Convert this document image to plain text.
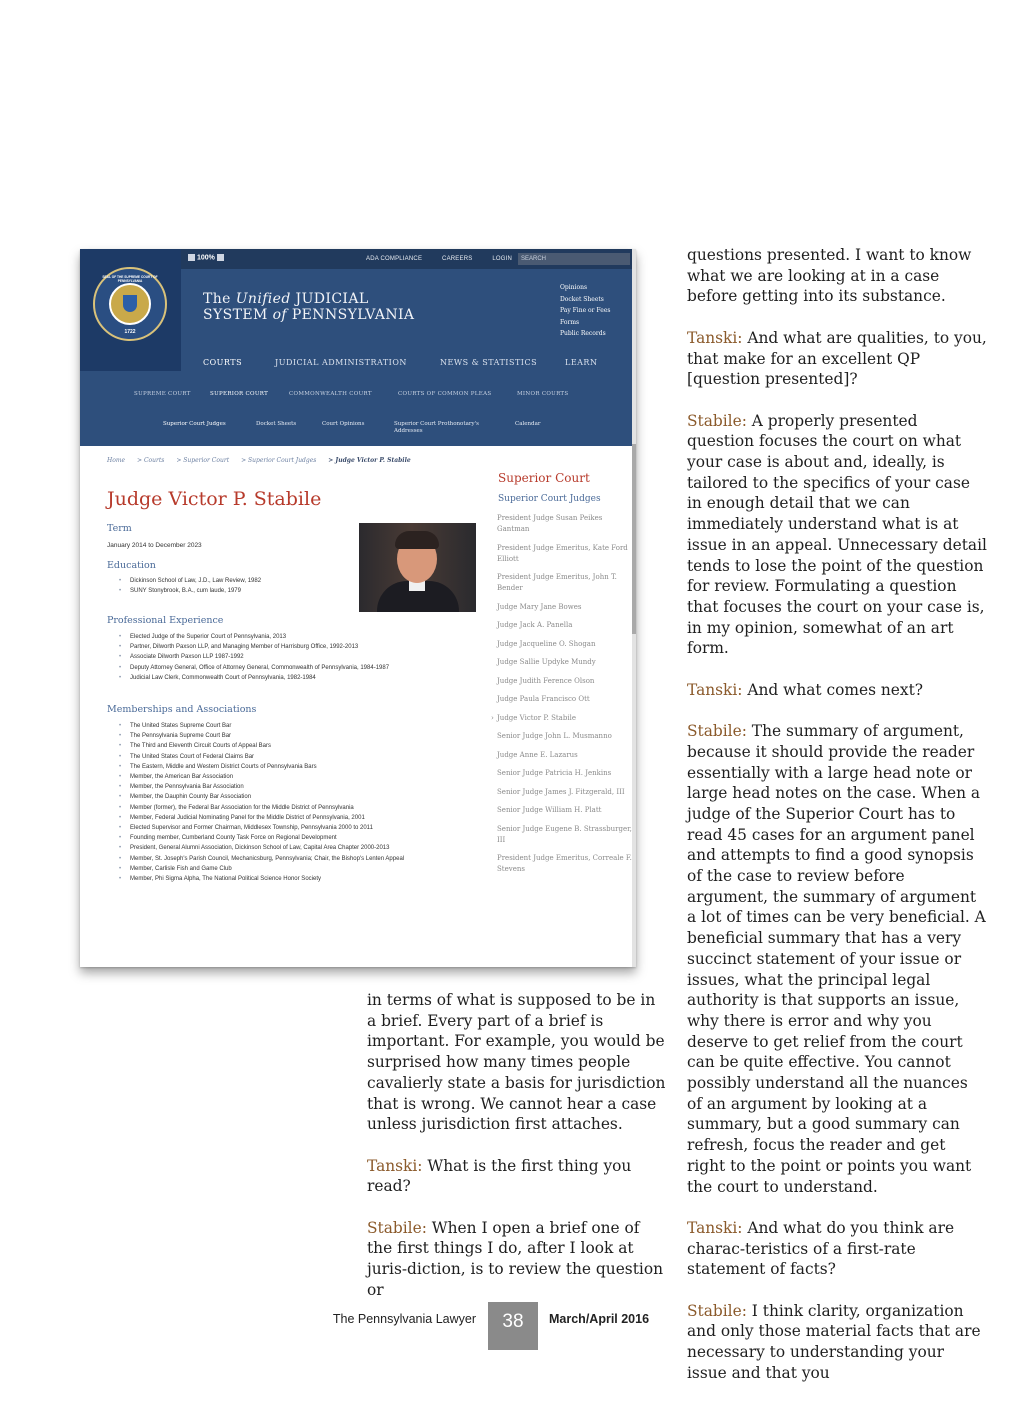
100%	ADA COMPLIANCE	CAREERS	LOGIN	SEARCH
SEAL OF THE SUPREME COURT OF PENNSYLVANIA
1722
The Unified JUDICIAL
SYSTEM of PENNSYLVANIA
Opinions
Docket Sheets
Pay Fine or Fees
Forms
Public Records
COURTS	JUDICIAL ADMINISTRATION	NEWS & STATISTICS	LEARN
SUPREME COURT	SUPERIOR COURT	COMMONWEALTH COURT	COURTS OF COMMON PLEAS	MINOR COURTS
Superior Court Judges	Docket Sheets	Court Opinions	Superior Court Prothonotary's Addresses
Calendar
Home > Courts > Superior Court > Superior Court Judges > Judge Victor P. Stabile
Judge Victor P. Stabile
Term
January 2014 to December 2023
Education
• Dickinson School of Law, J.D., Law Review, 1982
• SUNY Stonybrook, B.A., cum laude, 1979
Professional Experience
• Elected Judge of the Superior Court of Pennsylvania, 2013
• Partner, Dilworth Paxson LLP, and Managing Member of Harrisburg Office, 1992-2013
• Associate Dilworth Paxson LLP 1987-1992
• Deputy Attorney General, Office of Attorney General, Commonwealth of Pennsylvania, 1984-1987
• Judicial Law Clerk, Commonwealth Court of Pennsylvania, 1982-1984
Memberships and Associations
• The United States Supreme Court Bar
• The Pennsylvania Supreme Court Bar
• The Third and Eleventh Circuit Courts of Appeal Bars
• The United States Court of Federal Claims Bar
• The Eastern, Middle and Western District Courts of Pennsylvania Bars
• Member, the American Bar Association
• Member, the Pennsylvania Bar Association
• Member, the Dauphin County Bar Association
• Member (former), the Federal Bar Association for the Middle District of Pennsylvania
• Member, Federal Judicial Nominating Panel for the Middle District of Pennsylvania, 2001
• Elected Supervisor and Former Chairman, Middlesex Township, Pennsylvania 2000 to 2011
• Founding member, Cumberland County Task Force on Regional Development
• President, General Alumni Association, Dickinson School of Law, Capital Area Chapter 2000-2013
• Member, St. Joseph's Parish Council, Mechanicsburg, Pennsylvania; Chair, the Bishop's Lenten Appeal
• Member, Carlisle Fish and Game Club
• Member, Phi Sigma Alpha, The National Political Science Honor Society
Superior Court
Superior Court Judges
President Judge Susan Peikes Gantman
President Judge Emeritus, Kate Ford Elliott
President Judge Emeritus, John T. Bender
Judge Mary Jane Bowes
Judge Jack A. Panella
Judge Jacqueline O. Shogan
Judge Sallie Updyke Mundy
Judge Judith Ference Olson
Judge Paula Francisco Ott
› Judge Victor P. Stabile
Senior Judge John L. Musmanno
Judge Anne E. Lazarus
Senior Judge Patricia H. Jenkins
Senior Judge James J. Fitzgerald, III
Senior Judge William H. Platt
Senior Judge Eugene B. Strassburger, III
President Judge Emeritus, Correale F. Stevens

in terms of what is supposed to be in a brief. Every part of a brief is important. For example, you would be surprised how many times people cavalierly state a basis for jurisdiction that is wrong. We cannot hear a case unless jurisdiction first attaches.

Tanski: What is the first thing you read?

Stabile: When I open a brief one of the first things I do, after I look at juris-diction, is to review the question or

questions presented. I want to know what we are looking at in a case before getting into its substance.

Tanski: And what are qualities, to you, that make for an excellent QP [question presented]?

Stabile: A properly presented question focuses the court on what your case is about and, ideally, is tailored to the specifics of your case in enough detail that we can immediately understand what is at issue in an appeal. Unnecessary detail tends to lose the point of the question for review. Formulating a question that focuses the court on your case is, in my opinion, somewhat of an art form.

Tanski: And what comes next?

Stabile: The summary of argument, because it should provide the reader essentially with a large head note or large head notes on the case. When a judge of the Superior Court has to read 45 cases for an argument panel and attempts to find a good synopsis of the case to review before argument, the summary of argument a lot of times can be very beneficial. A beneficial summary that has a very succinct statement of your issue or issues, what the principal legal authority is that supports an issue, why there is error and why you deserve to get relief from the court can be quite effective. You cannot possibly understand all the nuances of an argument by looking at a summary, but a good summary can refresh, focus the reader and get right to the point or points you want the court to understand.

Tanski: And what do you think are charac-teristics of a first-rate statement of facts?

Stabile: I think clarity, organization and only those material facts that are necessary to understanding your issue and that you

The Pennsylvania Lawyer	38	March/April 2016
